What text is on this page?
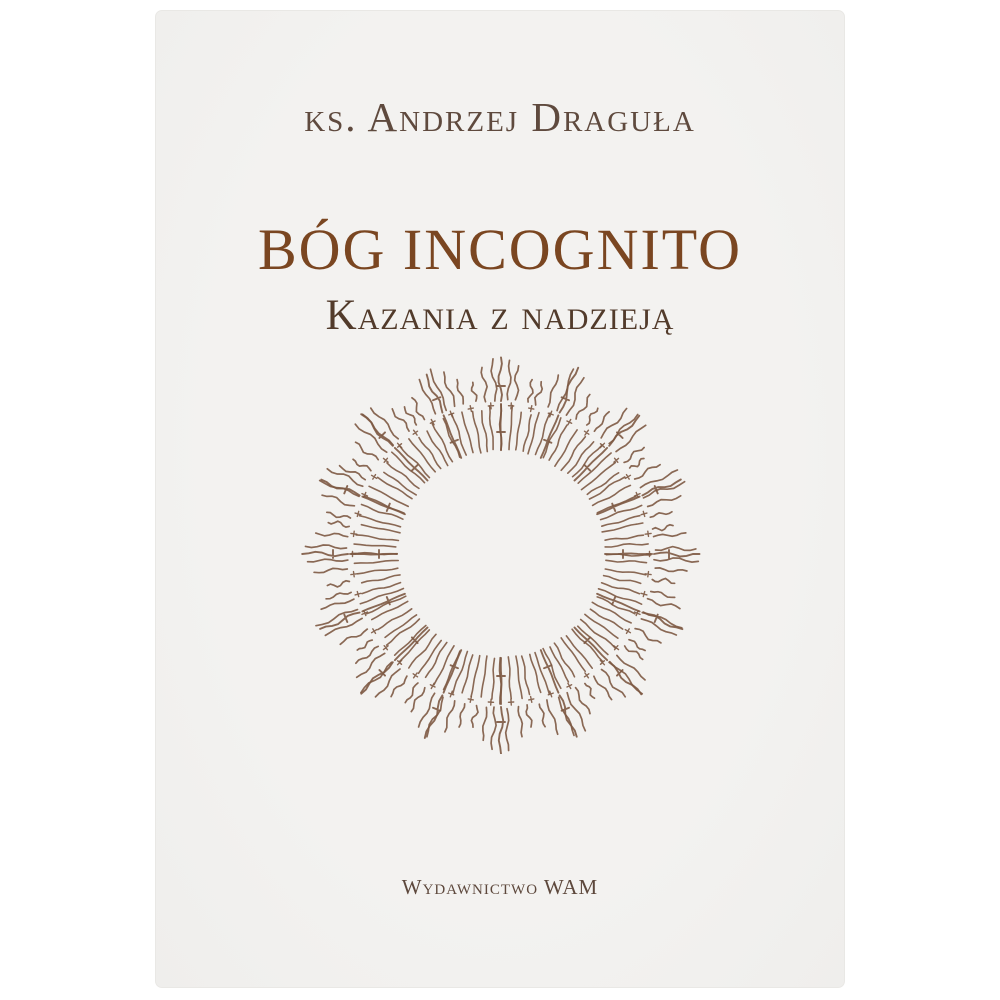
ks. Andrzej Draguła
BÓG INCOGNITO
Kazania z nadzieją
Wydawnictwo WAM
